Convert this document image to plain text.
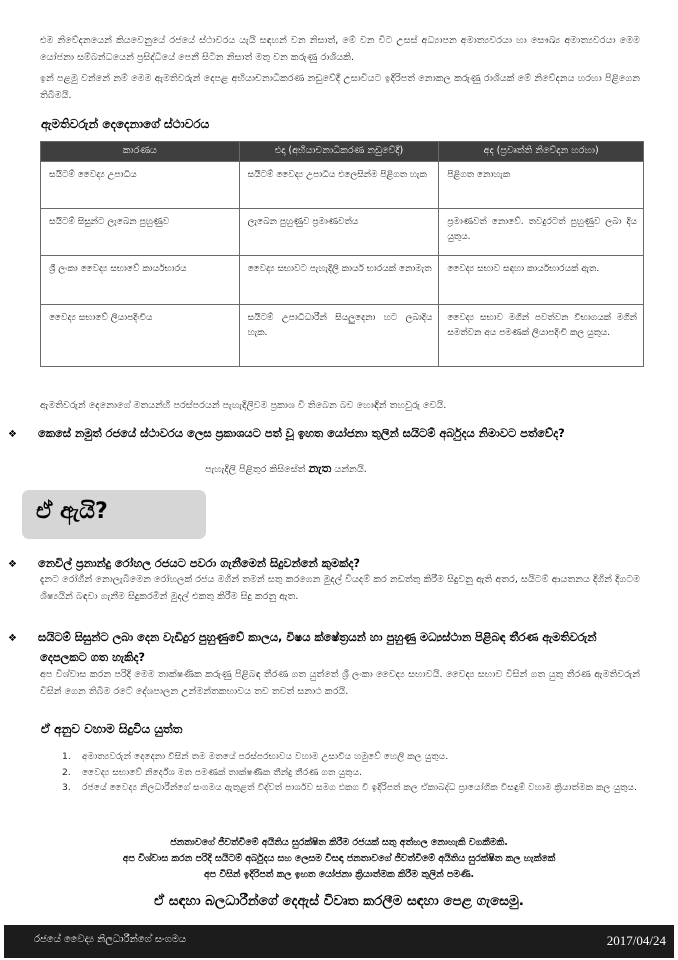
එම නිවේදනයෙන් කියවෙනුයේ රජයේ ස්ථාවරය යැයි සඳහන් වන නිසාත්, මේ වන විට උසස් අධ්‍යාපන අමාත්‍යවරයා හා සෞඛ්‍ය අමාත්‍යවරයා මෙම යෝජනා සම්බන්ධයෙන් ප්‍රසිද්ධියේ පෙනී සිටින නිසාත් මතු වන කරුණු රාශියකි.

ඉන් පළමු වන්නේ නම් මෙම ඇමතිවරුන් දෙපළ අභියාචනාධිකරණ නඩුවේදී උසාවියට ඉදිරිපත් නොකල කරුණු රාශියක් මේ නිවේදනය හරහා පිළිගෙන තිබීමයි.

ඇමතිවරුන් දෙදෙනාගේ ස්ථාවරය
කාරණය	එදා (අභියාචනාධිකරණ නඩුවේදී)	අද (ප්‍රවෘත්ති නිවේදන හරහා)
සයිටම් වෛද්‍ය උපාධිය	සයිටම් වෛද්‍ය උපාධිය එලෙසින්ම පිළිගත හැක	පිළිගත නොහැක
සයිටම් සිසුන්ට ලැබෙන පුහුණුව	ලැබෙන පුහුණුව ප්‍රමාණවත්ය	ප්‍රමාණවත් නොවේ. තවදුරටත් පුහුණුව ලබා දිය යුතුය.
ශ්‍රී ලංකා වෛද්‍ය සභාවේ කාර්යභාරය	වෛද්‍ය සභාවට පැහැදිලි කාර්ය භාරයක් නොමැත	වෛද්‍ය සභාව සඳහා කාර්යභාරයක් ඇත.
වෛද්‍ය සභාවේ ලියාපදිංචිය	සයිටම් උපාධිධාරීන් සියලුදෙනා හට ලබාදිය හැක.	වෛද්‍ය සභාව මගින් පවත්වන විභාගයක් මගින් සමත්වන අය පමණක් ලියාපදිංචි කල යුතුය.

ඇමතිවරුන් දෙනොගේ මතයන්හි පරස්පරයන් පැහැදිලිවම ප්‍රකාශ වී තිබෙන බව හොඳින් තහවුරු වෙයි.

❖ කෙසේ නමුත් රජයේ ස්ථාවරය ලෙස ප්‍රකාශයට පත් වූ ඉහත යෝජනා තුලින් සයිටම් අර්බුදය නිමාවට පත්වේද?
පැහැදිලි පිළිතුර කිසිසේත් නැත යන්නයි.
ඒ ඇයි?
❖ නෙවිල් ප්‍රනාන්දු රෝහල රජයට පවරා ගැනීමෙන් සිදුවන්නේ කුමක්ද?

දැනට රෝගීන් නොලැබීමෙන රෝහලක් රජය මගින් තමන් සතු කරගෙන මුදල් වියදම් කර නඩත්තු කිරීම සිදුවනු ඇති අතර, සයිටම් ආයතනය දිගින් දිගටම ශිෂ්‍යයින් බඳවා ගැනීම සිදුකරමින් මුදල් එකතු කිරීම සිදු කරනු ඇත.

❖ සයිටම් සිසුන්ට ලබා දෙන වැඩිදුර පුහුණුවේ කාලය, විෂය ක්ෂේත්‍රයන් හා පුහුණු මධ්‍යස්ථාන පිළිබඳ තීරණ ඇමතිවරුන් දෙපලකට ගත හැකිද?

අප විශ්වාස කරන පරිදි මෙම තාක්ෂණික කරුණු පිළිබඳ තීරණ ගත යුත්තේ ශ්‍රී ලංකා වෛද්‍ය සභාවයි. වෛද්‍ය සභාව විසින් ගත යුතු තීරණ ඇමතිවරුන් විසින් ගෙන තිබීම රටේ දේශපාලන උන්මන්තකභාවය තව තවත් සනාථ කරයි.

ඒ අනුව වහාම සිදුවිය යුත්ත
1. අමාත්‍යවරුන් දෙදෙනා විසින් තම මතයේ පරස්පරභාවය වහාම උසාවිය හමුවේ හෙලි කල යුතුය.
2. වෛද්‍ය සභාවේ නිර්දේශ මත පමණක් තාක්ෂණික තීන්දු තීරණ ගත යුතුය.
3. රජයේ වෛද්‍ය නිලධාරීන්ගේ සංගමය ඇතුළත් විද්වත් පාර්ශව සමග එකග වී ඉදිරිපත් කල ඒකාබද්ධ ප්‍රායෝගික විසඳුම් වහාම ක්‍රියාත්මක කල යුතුය.
ජනතාවගේ ජීවත්වීමේ අයිතිය සුරක්ෂිත කිරීම රජයක් සතු අත්හල නොහැකි වගකීමකි.
අප විශ්වාස කරන පරිදි සයිටම් අර්බුදය සහ ලෙසම විසඳා ජනතාවගේ ජීවත්වීමේ අයිතිය සුරක්ෂිත කල හැක්කේ
අප විසින් ඉදිරිපත් කල ඉහත යෝජනා ක්‍රියාත්මක කිරීම තුලින් පමණි.
ඒ සඳහා බලධාරීන්ගේ දෙඇස් විවෘත කරලීම සඳහා පෙළ ගැසෙමු.
රජයේ වෛද්‍ය නිලධාරීන්ගේ සංගමය	2017/04/24
